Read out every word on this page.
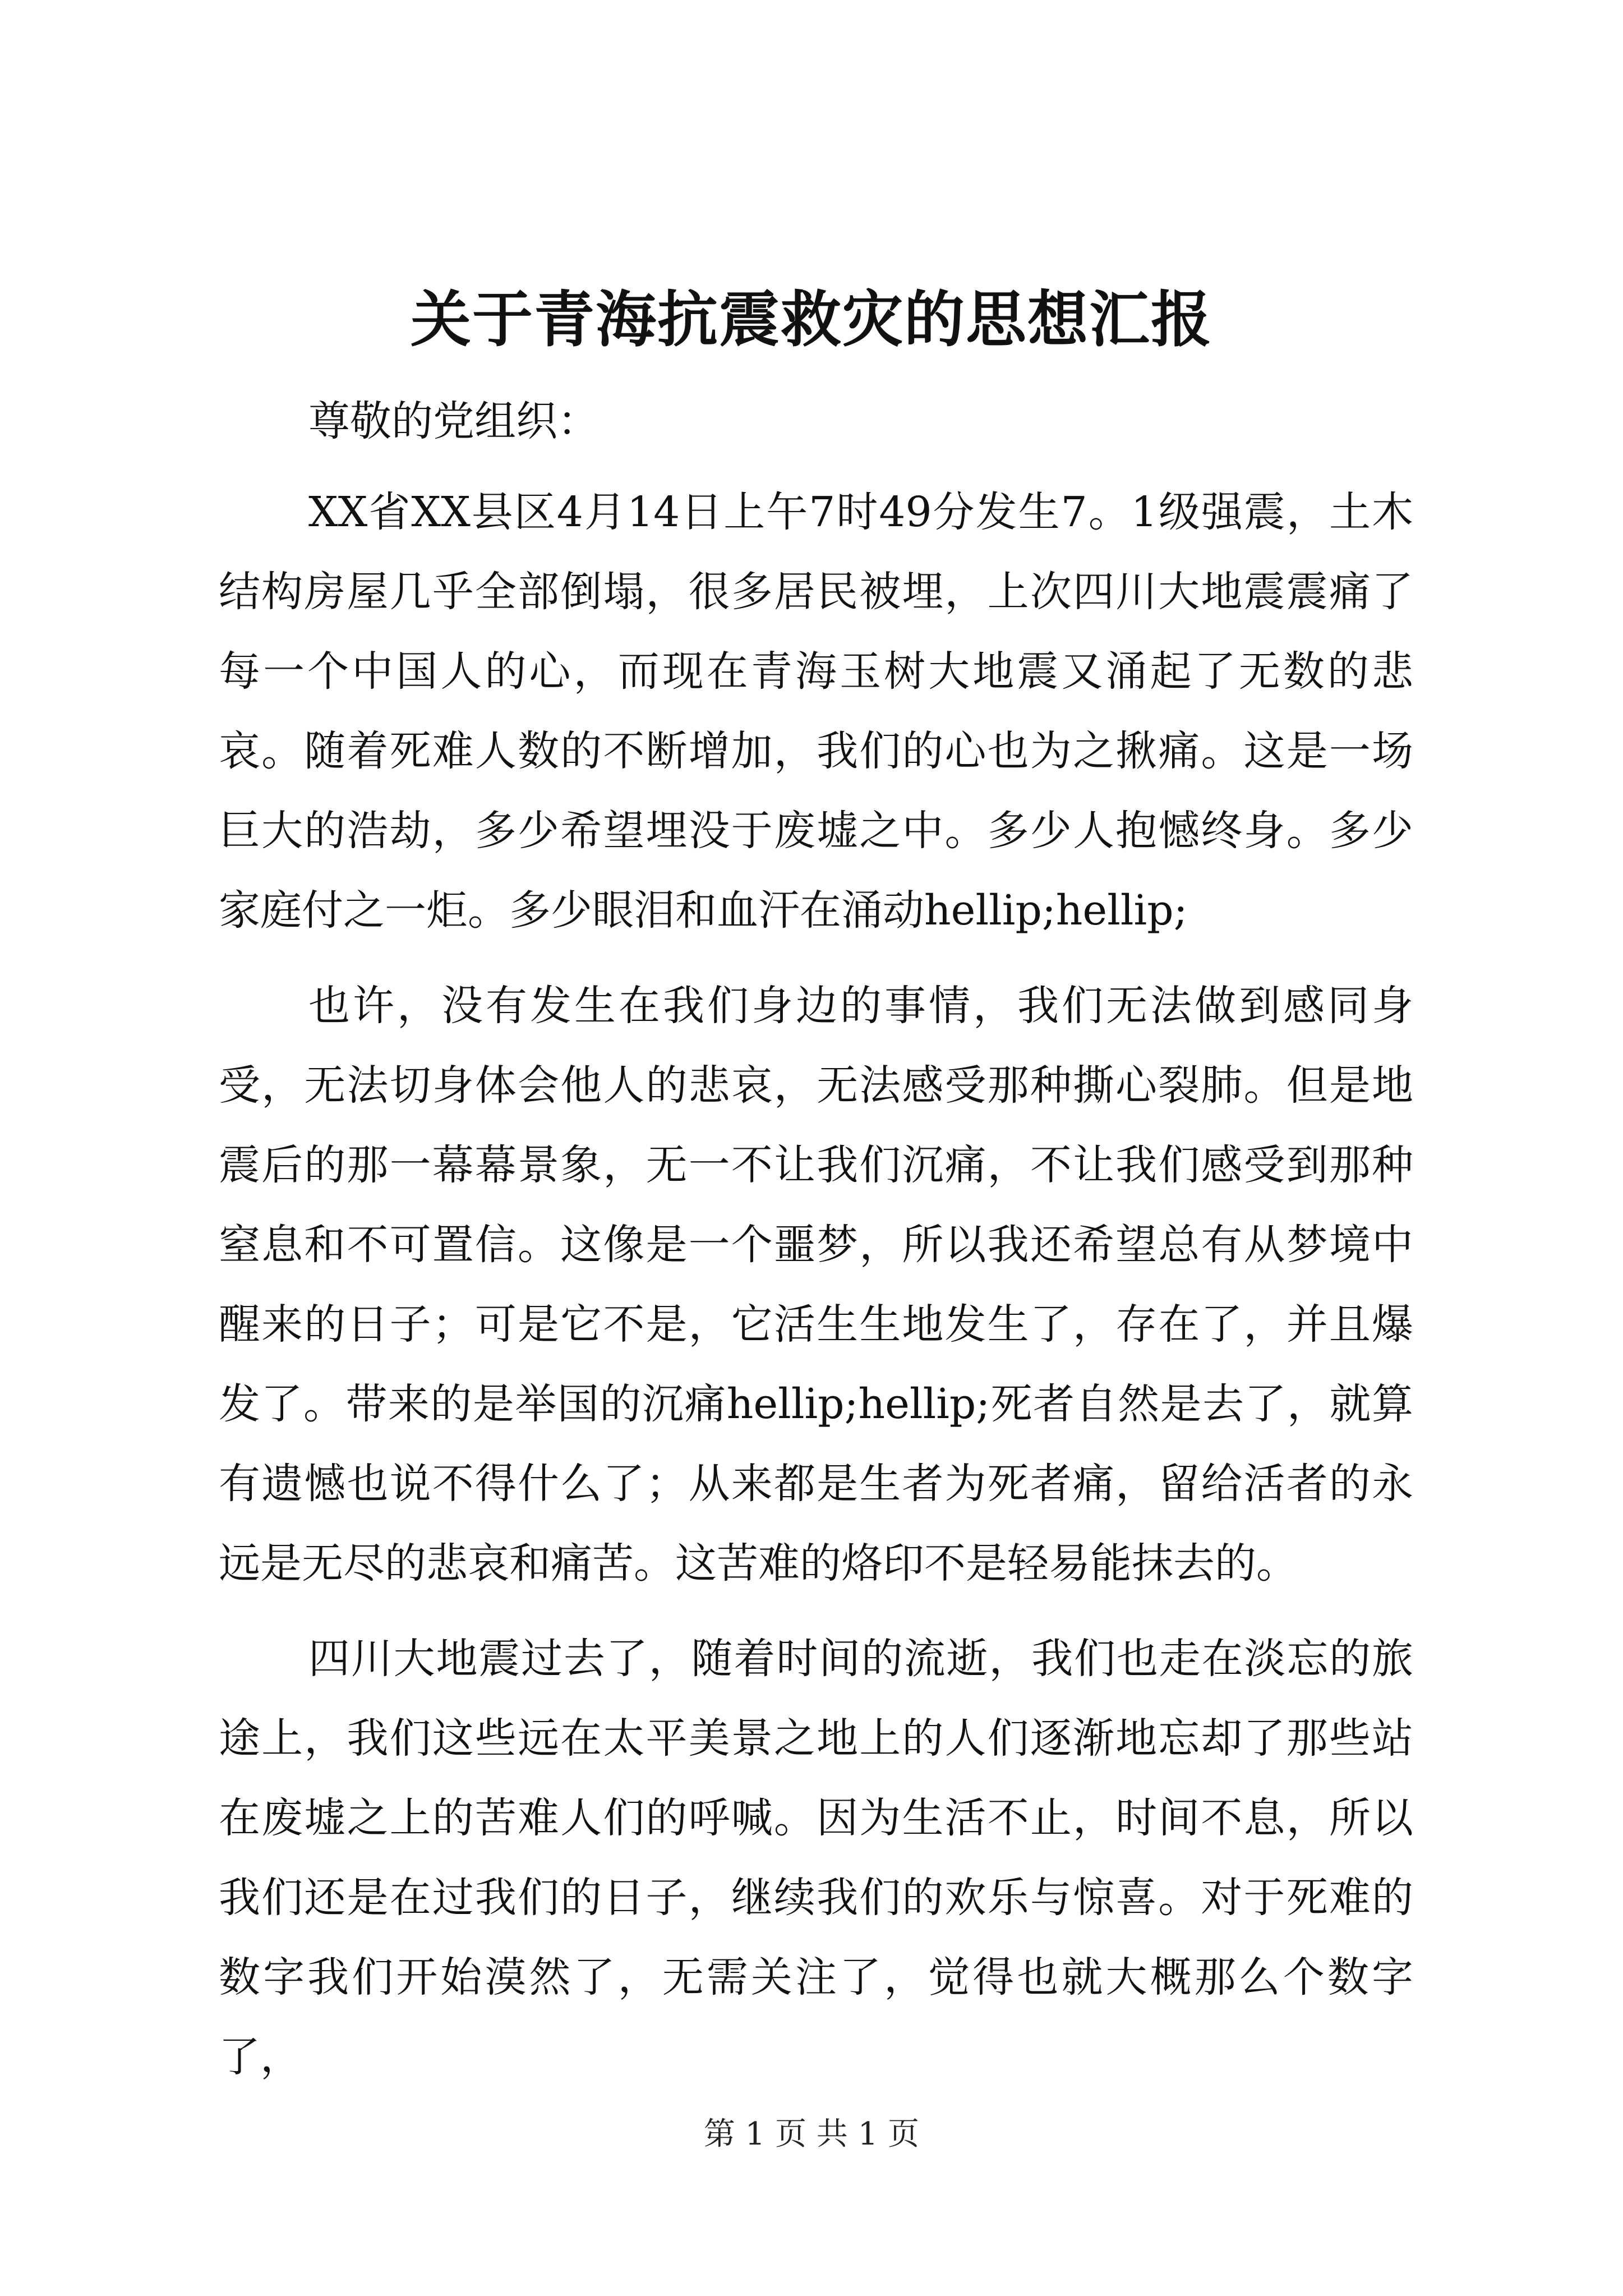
关于青海抗震救灾的思想汇报

尊敬的党组织：

XX省XX县区4月14日上午7时49分发生7。1级强震，土木结构房屋几乎全部倒塌，很多居民被埋，上次四川大地震震痛了每一个中国人的心，而现在青海玉树大地震又涌起了无数的悲哀。随着死难人数的不断增加，我们的心也为之揪痛。这是一场巨大的浩劫，多少希望埋没于废墟之中。多少人抱憾终身。多少家庭付之一炬。多少眼泪和血汗在涌动hellip;hellip;

也许，没有发生在我们身边的事情，我们无法做到感同身受，无法切身体会他人的悲哀，无法感受那种撕心裂肺。但是地震后的那一幕幕景象，无一不让我们沉痛，不让我们感受到那种窒息和不可置信。这像是一个噩梦，所以我还希望总有从梦境中醒来的日子；可是它不是，它活生生地发生了，存在了，并且爆发了。带来的是举国的沉痛hellip;hellip;死者自然是去了，就算有遗憾也说不得什么了；从来都是生者为死者痛，留给活者的永远是无尽的悲哀和痛苦。这苦难的烙印不是轻易能抹去的。

四川大地震过去了，随着时间的流逝，我们也走在淡忘的旅途上，我们这些远在太平美景之地上的人们逐渐地忘却了那些站在废墟之上的苦难人们的呼喊。因为生活不止，时间不息，所以我们还是在过我们的日子，继续我们的欢乐与惊喜。对于死难的数字我们开始漠然了，无需关注了，觉得也就大概那么个数字了，

第 1 页 共 1 页
